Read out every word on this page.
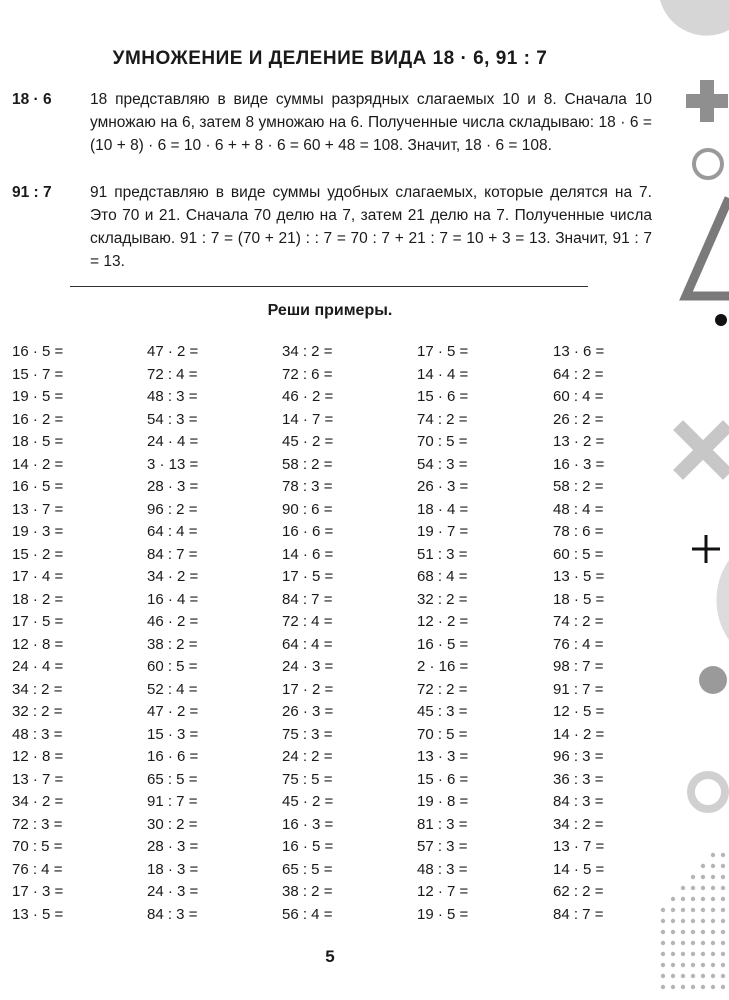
УМНОЖЕНИЕ И ДЕЛЕНИЕ ВИДА 18 · 6, 91 : 7
18 · 6 18 представляю в виде суммы разрядных слагаемых 10 и 8. Сначала 10 умножаю на 6, затем 8 умножаю на 6. Полученные числа складываю: 18 · 6 = (10 + 8) · 6 = 10 · 6 + + 8 · 6 = 60 + 48 = 108. Значит, 18 · 6 = 108.
91 : 7 91 представляю в виде суммы удобных слагаемых, которые делятся на 7. Это 70 и 21. Сначала 70 делю на 7, затем 21 делю на 7. Полученные числа складываю. 91 : 7 = (70 + 21) : : 7 = 70 : 7 + 21 : 7 = 10 + 3 = 13. Значит, 91 : 7 = 13.
Реши примеры.
16 · 5 =
15 · 7 =
19 · 5 =
16 · 2 =
18 · 5 =
14 · 2 =
16 · 5 =
13 · 7 =
19 · 3 =
15 · 2 =
17 · 4 =
18 · 2 =
17 · 5 =
12 · 8 =
24 · 4 =
34 : 2 =
32 : 2 =
48 : 3 =
12 · 8 =
13 · 7 =
34 · 2 =
72 : 3 =
70 : 5 =
76 : 4 =
17 · 3 =
13 · 5 =
47 · 2 =
72 : 4 =
48 : 3 =
54 : 3 =
24 · 4 =
3 · 13 =
28 · 3 =
96 : 2 =
64 : 4 =
84 : 7 =
34 · 2 =
16 · 4 =
46 · 2 =
38 : 2 =
60 : 5 =
52 : 4 =
47 · 2 =
15 · 3 =
16 · 6 =
65 : 5 =
91 : 7 =
30 : 2 =
28 · 3 =
18 · 3 =
24 · 3 =
84 : 3 =
34 : 2 =
72 : 6 =
46 · 2 =
14 · 7 =
45 · 2 =
58 : 2 =
78 : 3 =
90 : 6 =
16 · 6 =
14 · 6 =
17 · 5 =
84 : 7 =
72 : 4 =
64 : 4 =
24 · 3 =
17 · 2 =
26 · 3 =
75 : 3 =
24 : 2 =
75 : 5 =
45 · 2 =
16 · 3 =
16 · 5 =
65 : 5 =
38 : 2 =
56 : 4 =
17 · 5 =
14 · 4 =
15 · 6 =
74 : 2 =
70 : 5 =
54 : 3 =
26 · 3 =
18 · 4 =
19 · 7 =
51 : 3 =
68 : 4 =
32 : 2 =
12 · 2 =
16 · 5 =
2 · 16 =
72 : 2 =
45 : 3 =
70 : 5 =
13 · 3 =
15 · 6 =
19 · 8 =
81 : 3 =
57 : 3 =
48 : 3 =
12 · 7 =
19 · 5 =
13 · 6 =
64 : 2 =
60 : 4 =
26 : 2 =
13 · 2 =
16 · 3 =
58 : 2 =
48 : 4 =
78 : 6 =
60 : 5 =
13 · 5 =
18 · 5 =
74 : 2 =
76 : 4 =
98 : 7 =
91 : 7 =
12 · 5 =
14 · 2 =
96 : 3 =
36 : 3 =
84 : 3 =
34 : 2 =
13 · 7 =
14 · 5 =
62 : 2 =
84 : 7 =
5
